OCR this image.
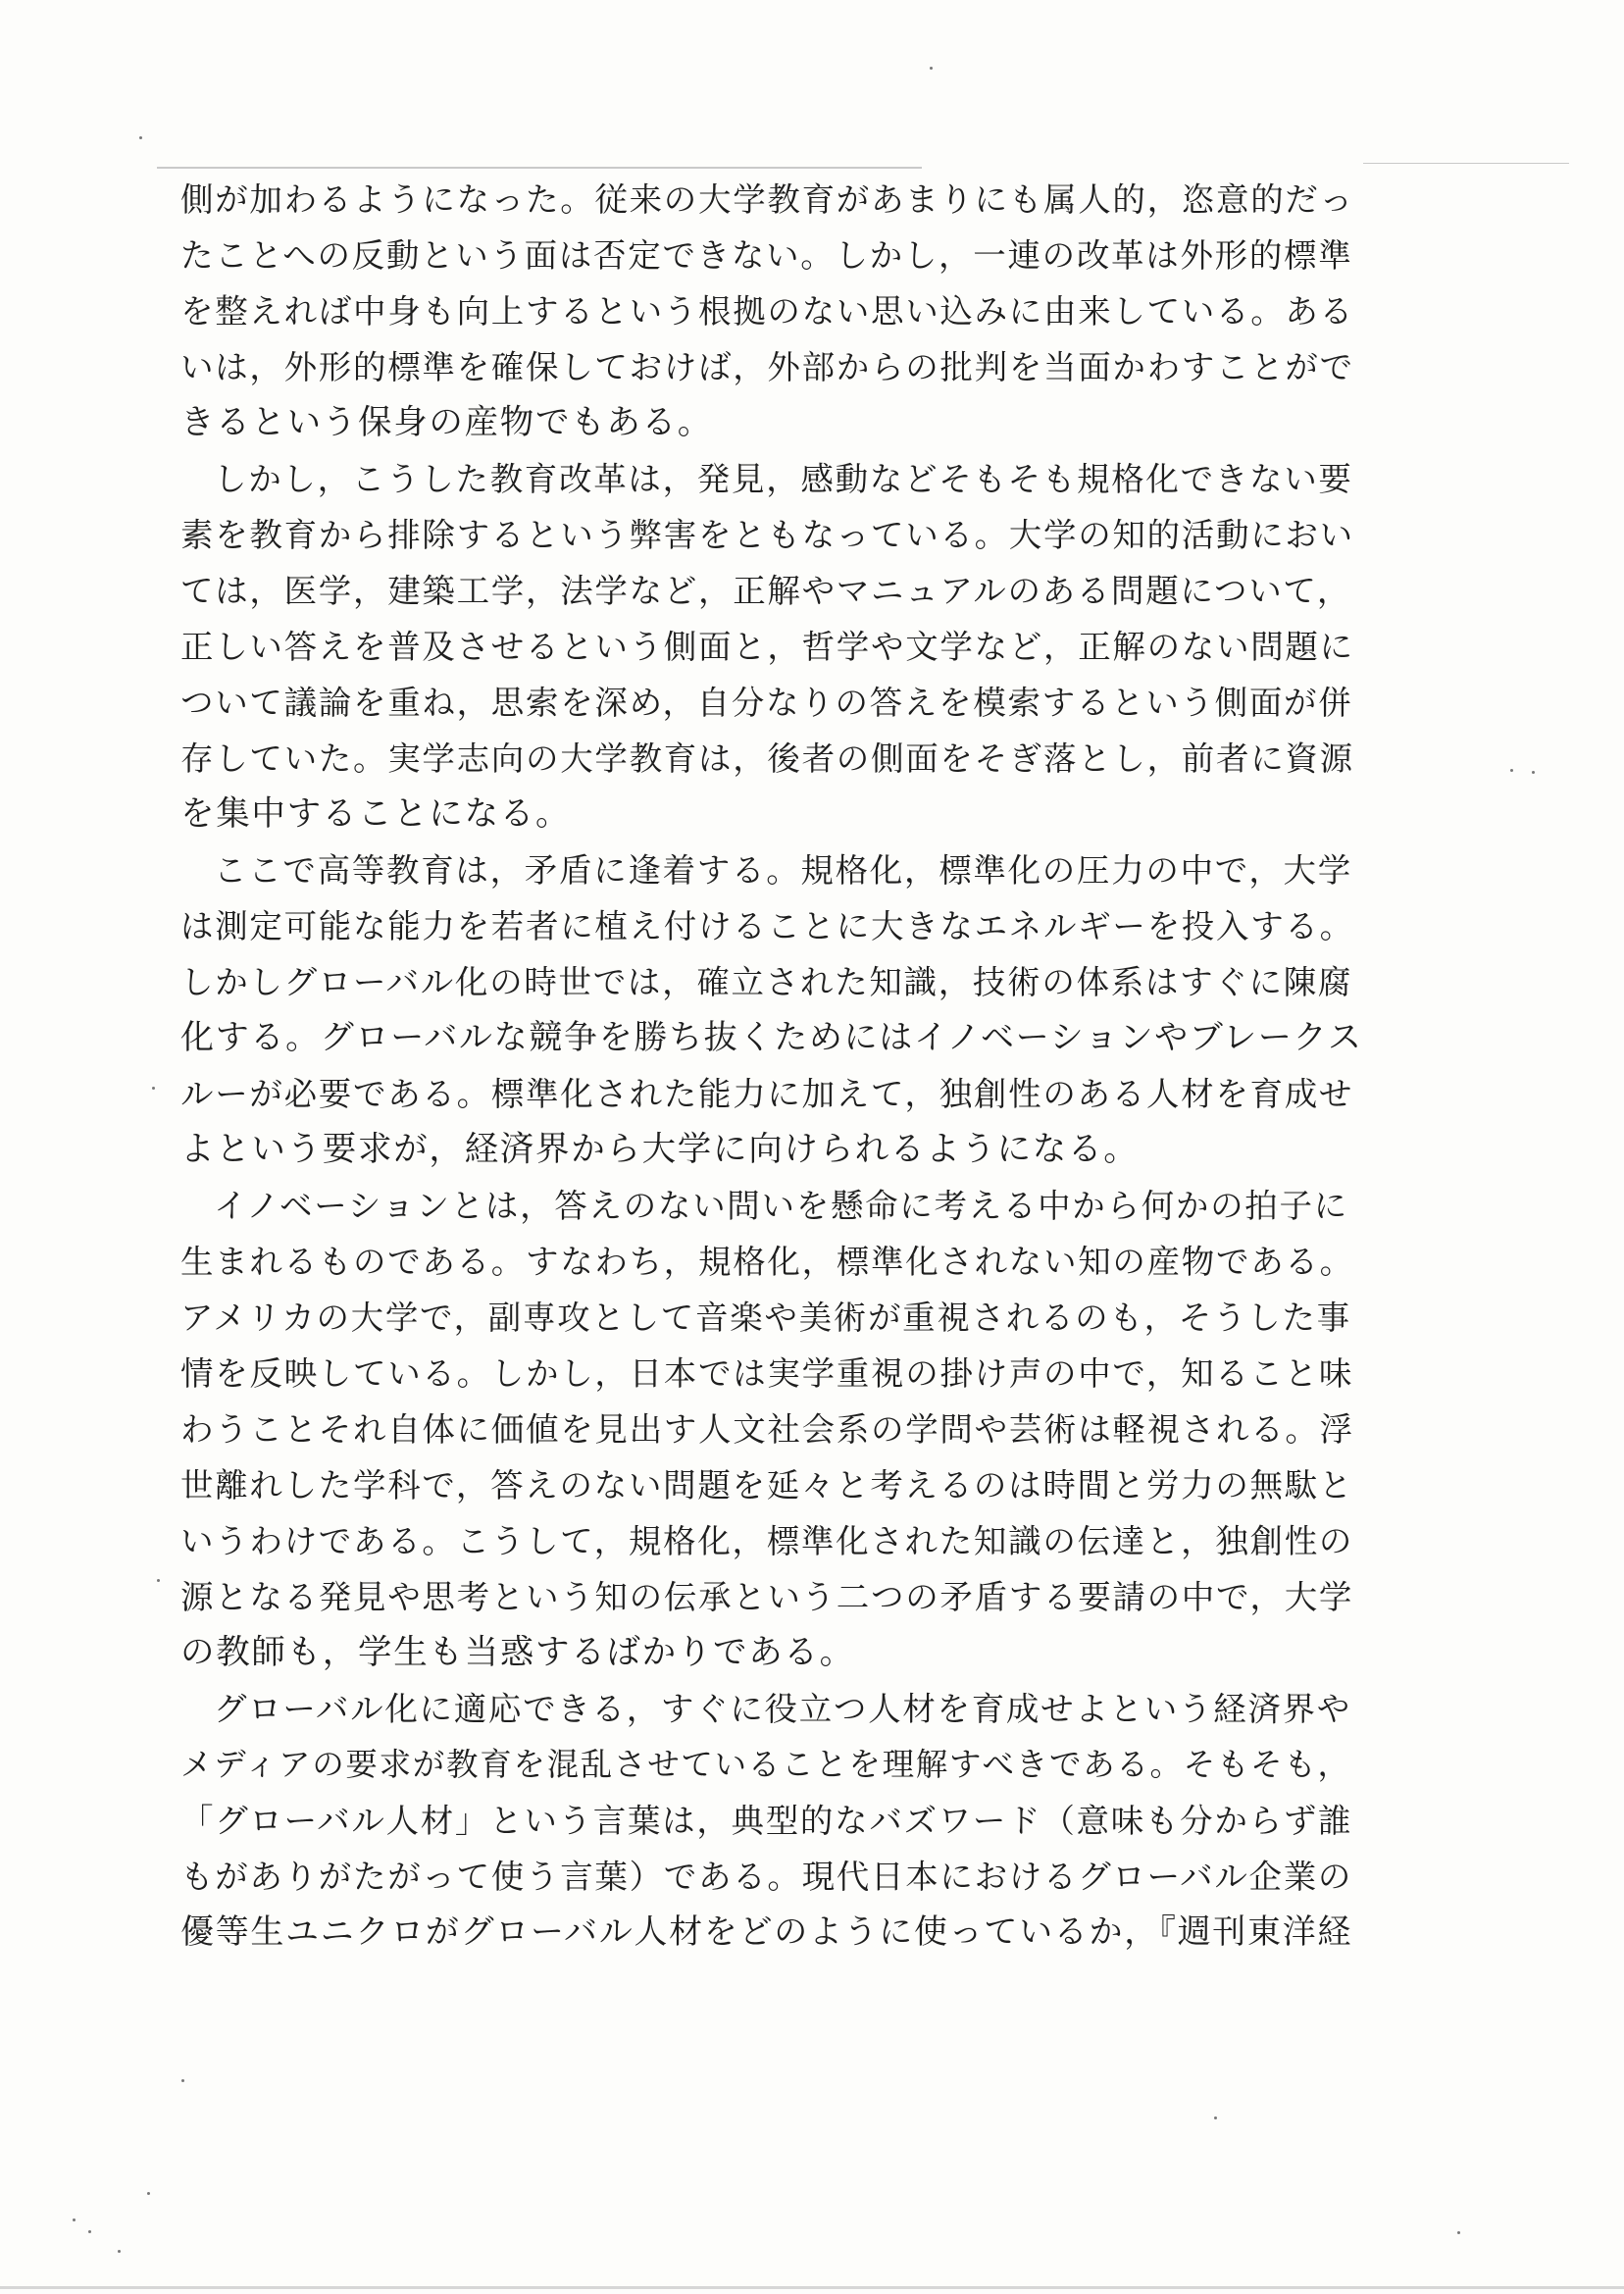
側が加わるようになった。従来の大学教育があまりにも属人的，恣意的だっ
たことへの反動という面は否定できない。しかし，一連の改革は外形的標準
を整えれば中身も向上するという根拠のない思い込みに由来している。ある
いは，外形的標準を確保しておけば，外部からの批判を当面かわすことがで
きるという保身の産物でもある。
しかし，こうした教育改革は，発見，感動などそもそも規格化できない要
素を教育から排除するという弊害をともなっている。大学の知的活動におい
ては，医学，建築工学，法学など，正解やマニュアルのある問題について，
正しい答えを普及させるという側面と，哲学や文学など，正解のない問題に
ついて議論を重ね，思索を深め，自分なりの答えを模索するという側面が併
存していた。実学志向の大学教育は，後者の側面をそぎ落とし，前者に資源
を集中することになる。
ここで高等教育は，矛盾に逢着する。規格化，標準化の圧力の中で，大学
は測定可能な能力を若者に植え付けることに大きなエネルギーを投入する。
しかしグローバル化の時世では，確立された知識，技術の体系はすぐに陳腐
化する。グローバルな競争を勝ち抜くためにはイノベーションやブレークス
ルーが必要である。標準化された能力に加えて，独創性のある人材を育成せ
よという要求が，経済界から大学に向けられるようになる。
イノベーションとは，答えのない問いを懸命に考える中から何かの拍子に
生まれるものである。すなわち，規格化，標準化されない知の産物である。
アメリカの大学で，副専攻として音楽や美術が重視されるのも，そうした事
情を反映している。しかし，日本では実学重視の掛け声の中で，知ること味
わうことそれ自体に価値を見出す人文社会系の学問や芸術は軽視される。浮
世離れした学科で，答えのない問題を延々と考えるのは時間と労力の無駄と
いうわけである。こうして，規格化，標準化された知識の伝達と，独創性の
源となる発見や思考という知の伝承という二つの矛盾する要請の中で，大学
の教師も，学生も当惑するばかりである。
グローバル化に適応できる，すぐに役立つ人材を育成せよという経済界や
メディアの要求が教育を混乱させていることを理解すべきである。そもそも，
「グローバル人材」という言葉は，典型的なバズワード（意味も分からず誰
もがありがたがって使う言葉）である。現代日本におけるグローバル企業の
優等生ユニクロがグローバル人材をどのように使っているか，『週刊東洋経
